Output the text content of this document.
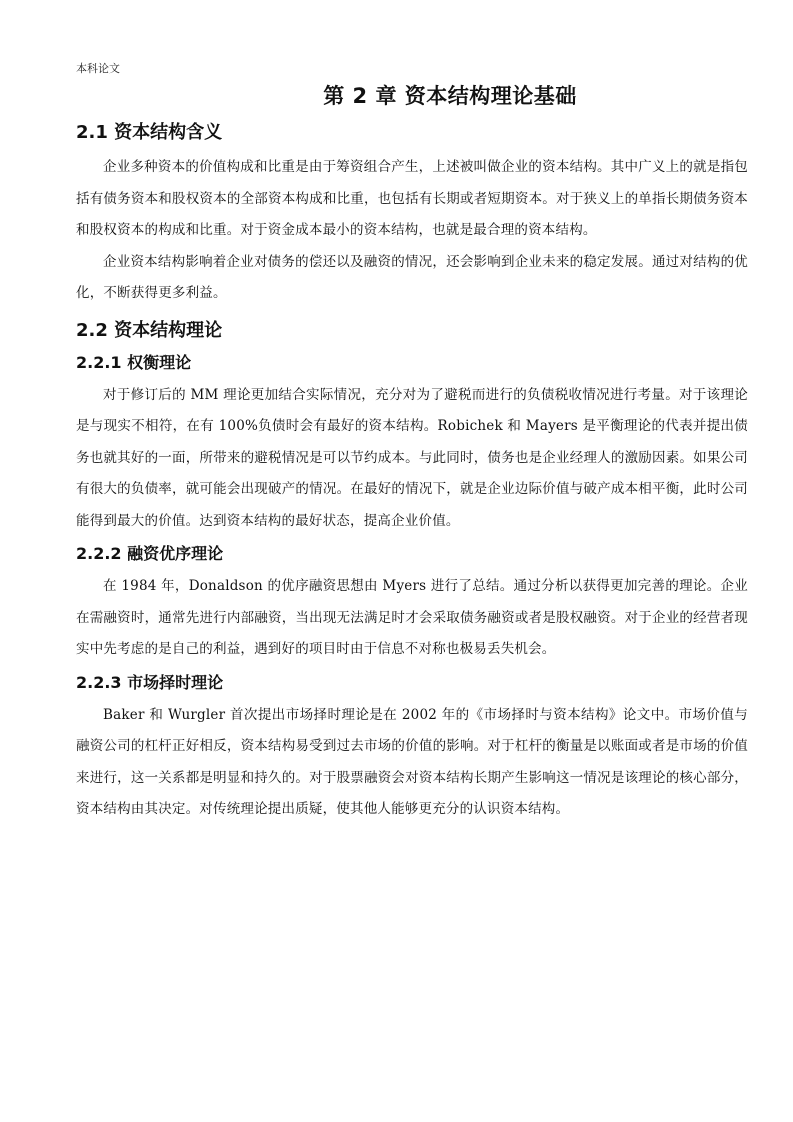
本科论文
第 2 章 资本结构理论基础
2.1 资本结构含义

企业多种资本的价值构成和比重是由于筹资组合产生，上述被叫做企业的资本结构。其中广义上的就是指包括有债务资本和股权资本的全部资本构成和比重，也包括有长期或者短期资本。对于狭义上的单指长期债务资本和股权资本的构成和比重。对于资金成本最小的资本结构，也就是最合理的资本结构。

企业资本结构影响着企业对债务的偿还以及融资的情况，还会影响到企业未来的稳定发展。通过对结构的优化，不断获得更多利益。

2.2 资本结构理论
2.2.1 权衡理论

对于修订后的 MM 理论更加结合实际情况，充分对为了避税而进行的负债税收情况进行考量。对于该理论是与现实不相符，在有 100%负债时会有最好的资本结构。Robichek 和 Mayers 是平衡理论的代表并提出债务也就其好的一面，所带来的避税情况是可以节约成本。与此同时，债务也是企业经理人的激励因素。如果公司有很大的负债率，就可能会出现破产的情况。在最好的情况下，就是企业边际价值与破产成本相平衡，此时公司能得到最大的价值。达到资本结构的最好状态，提高企业价值。

2.2.2 融资优序理论

在 1984 年，Donaldson 的优序融资思想由 Myers 进行了总结。通过分析以获得更加完善的理论。企业在需融资时，通常先进行内部融资，当出现无法满足时才会采取债务融资或者是股权融资。对于企业的经营者现实中先考虑的是自己的利益，遇到好的项目时由于信息不对称也极易丢失机会。

2.2.3 市场择时理论

Baker 和 Wurgler 首次提出市场择时理论是在 2002 年的《市场择时与资本结构》论文中。市场价值与融资公司的杠杆正好相反，资本结构易受到过去市场的价值的影响。对于杠杆的衡量是以账面或者是市场的价值来进行，这一关系都是明显和持久的。对于股票融资会对资本结构长期产生影响这一情况是该理论的核心部分，资本结构由其决定。对传统理论提出质疑，使其他人能够更充分的认识资本结构。
